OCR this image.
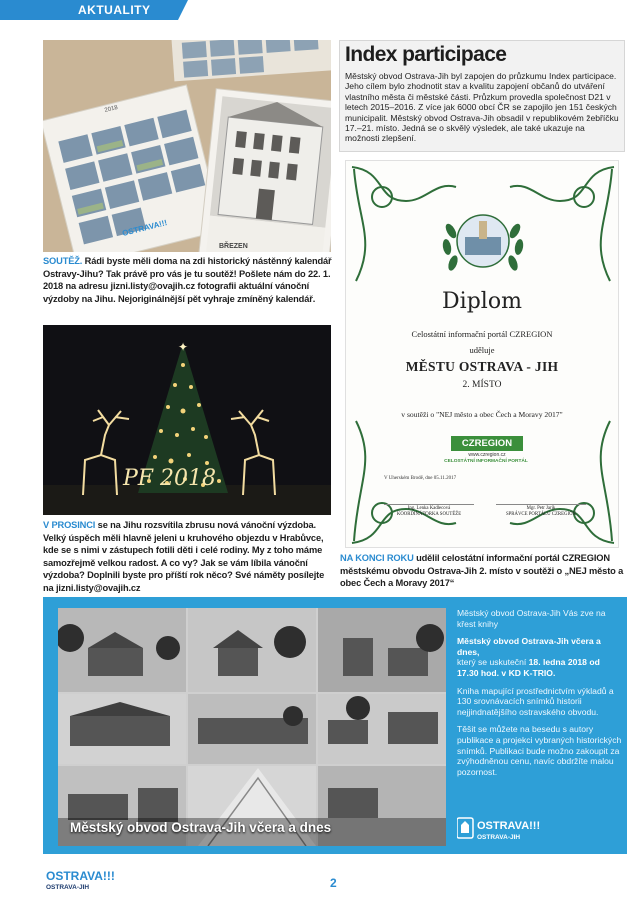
AKTUALITY
2018
OSTRAVA!!!
BŘEZEN
SOUTĚŽ. Rádi byste měli doma na zdi historický nástěnný kalendář Ostravy-Jihu? Tak právě pro vás je tu soutěž! Pošlete nám do 22. 1. 2018 na adresu jizni.listy@ovajih.cz fotografii aktuální vánoční výzdoby na Jihu. Nejoriginálnější pět vyhraje zmíněný kalendář.
✦
PF 2018
V PROSINCI se na Jihu rozsvítila zbrusu nová vánoční výzdoba. Velký úspěch měli hlavně jeleni u kruhového objezdu v Hrabůvce, kde se s nimi v zástupech fotili děti i celé rodiny. My z toho máme samozřejmě velkou radost. A co vy? Jak se vám líbila vánoční výzdoba? Doplnili byste pro příští rok něco? Své náměty posílejte na jizni.listy@ovajih.cz
Index participace

Městský obvod Ostrava-Jih byl zapojen do průzkumu Index participace. Jeho cílem bylo zhodnotit stav a kvalitu zapojení občanů do utváření vlastního města či městské části. Průzkum provedla společnost D21 v letech 2015–2016. Z více jak 6000 obcí ČR se zapojilo jen 151 českých municipalit. Městský obvod Ostrava-Jih obsadil v republikovém žebříčku 17.–21. místo. Jedná se o skvělý výsledek, ale také ukazuje na možnosti zlepšení.

Diplom
Celostátní informační portál CZREGION
uděluje
MĚSTU OSTRAVA - JIH
2. MÍSTO
v soutěži o "NEJ město a obec Čech a Moravy 2017"
CZREGION
www.czregion.cz
CELOSTÁTNÍ INFORMAČNÍ PORTÁL
V Uherském Brodě, dne 05.11.2017
Ing. Lenka Kadlecová
KOORDINÁTORKA SOUTĚŽE
Mgr. Petr Jarík
SPRÁVCE PORTÁLU CZREGION
NA KONCI ROKU udělil celostátní informační portál CZREGION městskému obvodu Ostrava-Jih 2. místo v soutěži o „NEJ město a obec Čech a Moravy 2017“
Městský obvod Ostrava-Jih včera a dnes
Městský obvod Ostrava-Jih Vás zve na křest knihy
Městský obvod Ostrava-Jih včera a dnes,
který se uskuteční 18. ledna 2018 od 17.30 hod. v KD K-TRIO.
Kniha mapující prostřednictvím výkladů a 130 srovnávacích snímků historii nejjindnatějšího ostravského obvodu.
Těšit se můžete na besedu s autory publikace a projekci vybraných historických snímků. Publikaci bude možno zakoupit za zvýhodněnou cenu, navíc obdržíte malou pozornost.
OSTRAVA!!!
OSTRAVA-JIH
OSTRAVA!!!
OSTRAVA-JIH	2
